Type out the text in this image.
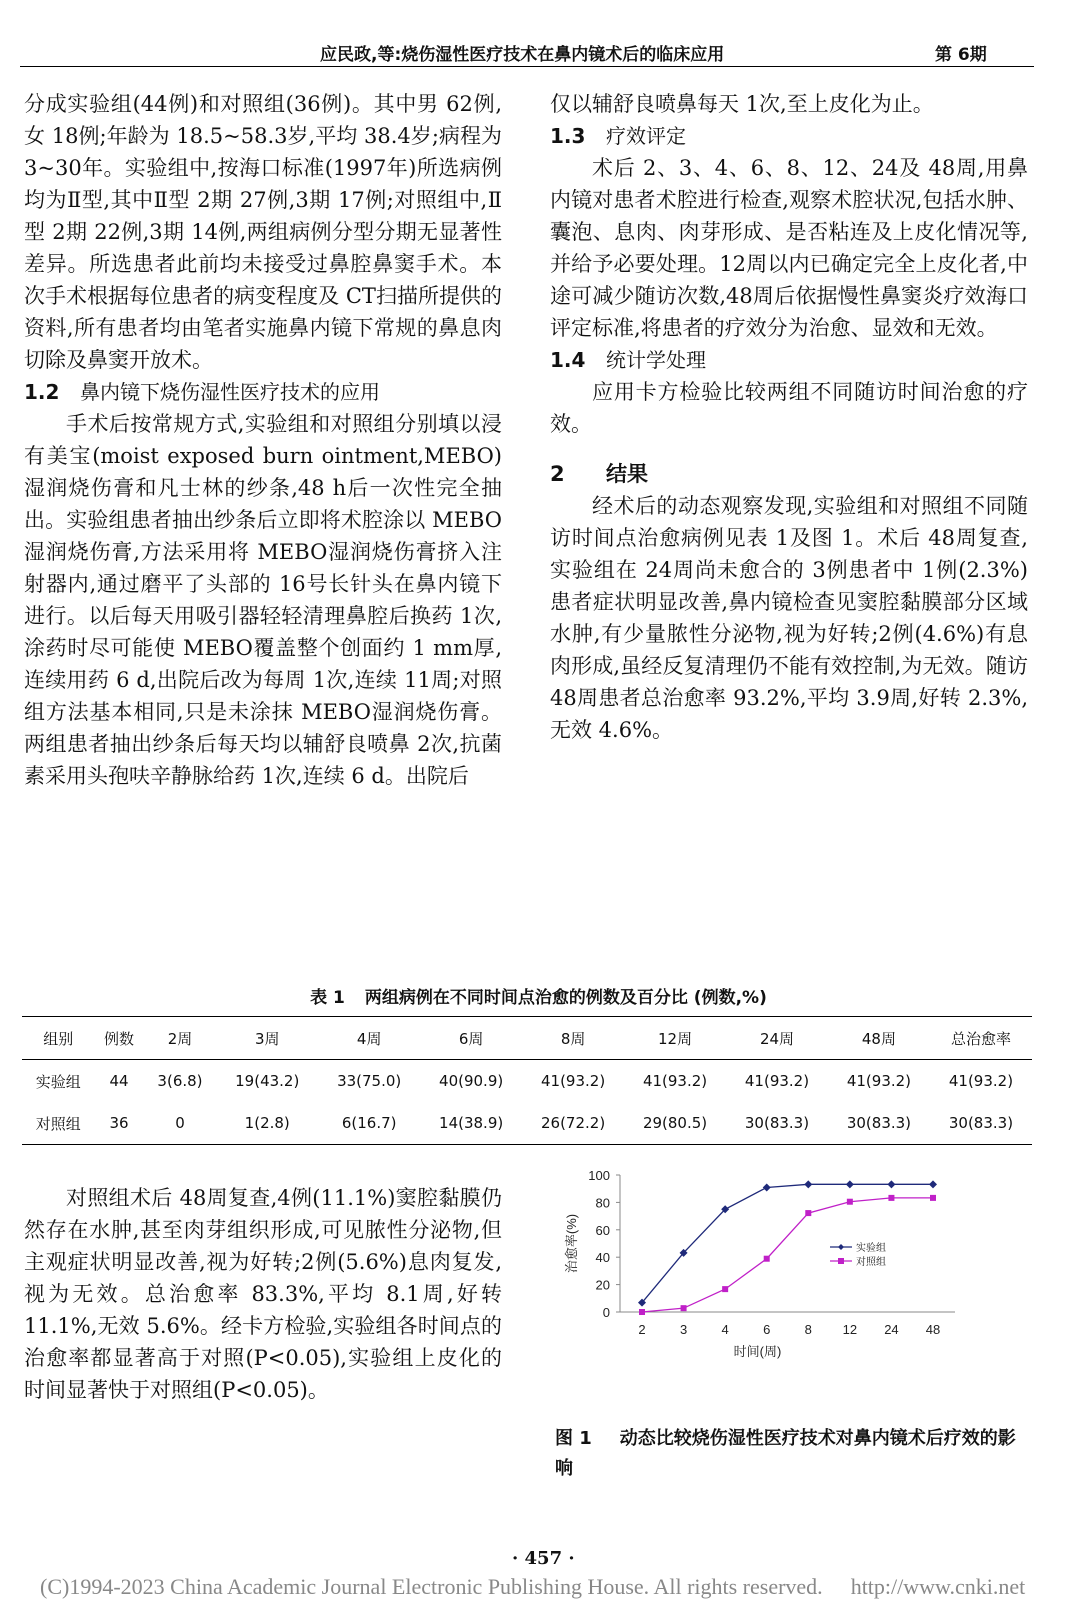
应民政,等:烧伤湿性医疗技术在鼻内镜术后的临床应用	第 6期

分成实验组(44例)和对照组(36例)。其中男 62例,女 18例;年龄为 18.5~58.3岁,平均 38.4岁;病程为 3~30年。实验组中,按海口标准(1997年)所选病例均为Ⅱ型,其中Ⅱ型 2期 27例,3期 17例;对照组中,Ⅱ型 2期 22例,3期 14例,两组病例分型分期无显著性差异。所选患者此前均未接受过鼻腔鼻窦手术。本次手术根据每位患者的病变程度及 CT扫描所提供的资料,所有患者均由笔者实施鼻内镜下常规的鼻息肉切除及鼻窦开放术。

1.2 鼻内镜下烧伤湿性医疗技术的应用

手术后按常规方式,实验组和对照组分别填以浸有美宝(moist exposed burn ointment,MEBO)湿润烧伤膏和凡士林的纱条,48 h后一次性完全抽出。实验组患者抽出纱条后立即将术腔涂以 MEBO湿润烧伤膏,方法采用将 MEBO湿润烧伤膏挤入注射器内,通过磨平了头部的 16号长针头在鼻内镜下进行。以后每天用吸引器轻轻清理鼻腔后换药 1次,涂药时尽可能使 MEBO覆盖整个创面约 1 mm厚,连续用药 6 d,出院后改为每周 1次,连续 11周;对照组方法基本相同,只是未涂抹 MEBO湿润烧伤膏。两组患者抽出纱条后每天均以辅舒良喷鼻 2次,抗菌素采用头孢呋辛静脉给药 1次,连续 6 d。出院后

仅以辅舒良喷鼻每天 1次,至上皮化为止。

1.3 疗效评定

术后 2、3、4、6、8、12、24及 48周,用鼻内镜对患者术腔进行检查,观察术腔状况,包括水肿、囊泡、息肉、肉芽形成、是否粘连及上皮化情况等,并给予必要处理。12周以内已确定完全上皮化者,中途可减少随访次数,48周后依据慢性鼻窦炎疗效海口评定标准,将患者的疗效分为治愈、显效和无效。

1.4 统计学处理

应用卡方检验比较两组不同随访时间治愈的疗效。

2 结果

经术后的动态观察发现,实验组和对照组不同随访时间点治愈病例见表 1及图 1。术后 48周复查,实验组在 24周尚未愈合的 3例患者中 1例(2.3%)患者症状明显改善,鼻内镜检查见窦腔黏膜部分区域水肿,有少量脓性分泌物,视为好转;2例(4.6%)有息肉形成,虽经反复清理仍不能有效控制,为无效。随访 48周患者总治愈率 93.2%,平均 3.9周,好转 2.3%,无效 4.6%。

表 1 两组病例在不同时间点治愈的例数及百分比 (例数,%)
组别	例数	2周	3周	4周	6周	8周	12周	24周	48周	总治愈率
实验组	44	3(6.8)	19(43.2)	33(75.0)	40(90.9)	41(93.2)	41(93.2)	41(93.2)	41(93.2)	41(93.2)
对照组	36	0	1(2.8)	6(16.7)	14(38.9)	26(72.2)	29(80.5)	30(83.3)	30(83.3)	30(83.3)

对照组术后 48周复查,4例(11.1%)窦腔黏膜仍然存在水肿,甚至肉芽组织形成,可见脓性分泌物,但主观症状明显改善,视为好转;2例(5.6%)息肉复发,视为无效。总治愈率 83.3%,平均 8.1周,好转 11.1%,无效 5.6%。经卡方检验,实验组各时间点的治愈率都显著高于对照(P<0.05),实验组上皮化的时间显著快于对照组(P<0.05)。

0
20
40
60
80
100
2	3	4	6	8 12 24 48
时间(周)
治愈率(%)	实验组
对照组
图 1 动态比较烧伤湿性医疗技术对鼻内镜术后疗效的影响
· 457 ·
(C)1994-2023 China Academic Journal Electronic Publishing House. All rights reserved. http://www.cnki.net
